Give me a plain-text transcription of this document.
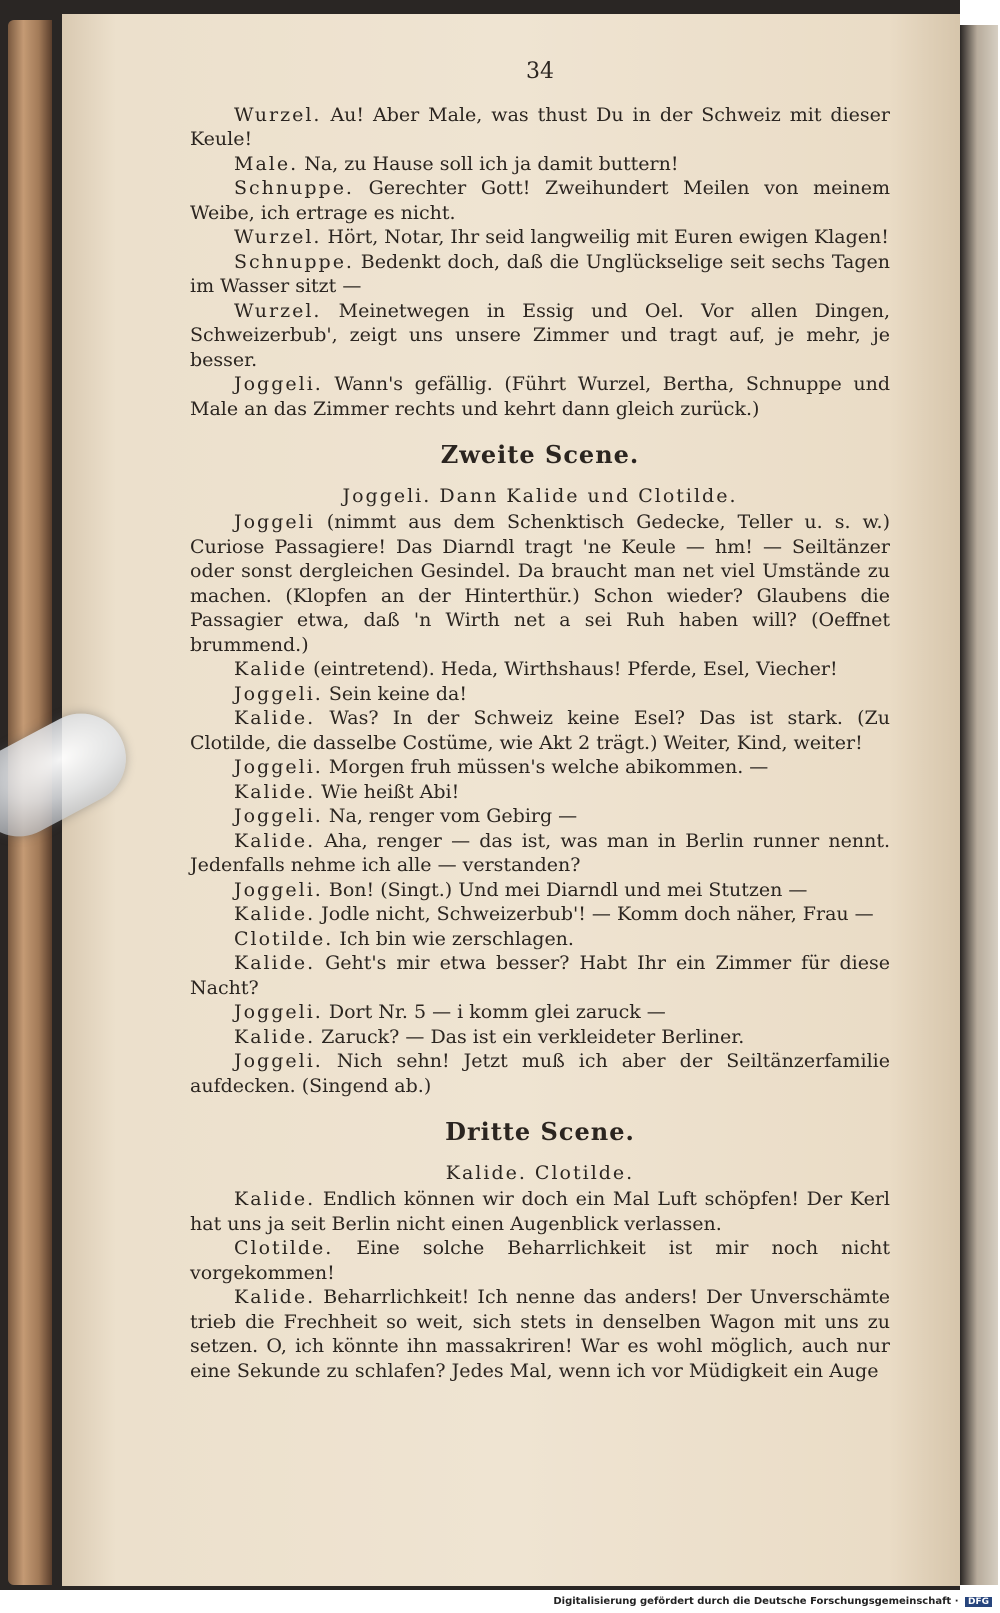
34

Wurzel. Au! Aber Male, was thust Du in der Schweiz mit dieser Keule!

Male. Na, zu Hause soll ich ja damit buttern!

Schnuppe. Gerechter Gott! Zweihundert Meilen von meinem Weibe, ich ertrage es nicht.

Wurzel. Hört, Notar, Ihr seid langweilig mit Euren ewigen Klagen!

Schnuppe. Bedenkt doch, daß die Unglückselige seit sechs Tagen im Wasser sitzt —

Wurzel. Meinetwegen in Essig und Oel. Vor allen Dingen, Schweizerbub', zeigt uns unsere Zimmer und tragt auf, je mehr, je besser.

Joggeli. Wann's gefällig. (Führt Wurzel, Bertha, Schnuppe und Male an das Zimmer rechts und kehrt dann gleich zurück.)

Zweite Scene.
Joggeli. Dann Kalide und Clotilde.

Joggeli (nimmt aus dem Schenktisch Gedecke, Teller u. s. w.) Curiose Passagiere! Das Diarndl tragt 'ne Keule — hm! — Seiltänzer oder sonst dergleichen Gesindel. Da braucht man net viel Umstände zu machen. (Klopfen an der Hinterthür.) Schon wieder? Glaubens die Passagier etwa, daß 'n Wirth net a sei Ruh haben will? (Oeffnet brummend.)

Kalide (eintretend). Heda, Wirthshaus! Pferde, Esel, Viecher!

Joggeli. Sein keine da!

Kalide. Was? In der Schweiz keine Esel? Das ist stark. (Zu Clotilde, die dasselbe Costüme, wie Akt 2 trägt.) Weiter, Kind, weiter!

Joggeli. Morgen fruh müssen's welche abikommen. —

Kalide. Wie heißt Abi!

Joggeli. Na, renger vom Gebirg —

Kalide. Aha, renger — das ist, was man in Berlin runner nennt. Jedenfalls nehme ich alle — verstanden?

Joggeli. Bon! (Singt.) Und mei Diarndl und mei Stutzen —

Kalide. Jodle nicht, Schweizerbub'! — Komm doch näher, Frau —

Clotilde. Ich bin wie zerschlagen.

Kalide. Geht's mir etwa besser? Habt Ihr ein Zimmer für diese Nacht?

Joggeli. Dort Nr. 5 — i komm glei zaruck —

Kalide. Zaruck? — Das ist ein verkleideter Berliner.

Joggeli. Nich sehn! Jetzt muß ich aber der Seiltänzerfamilie aufdecken. (Singend ab.)

Dritte Scene.
Kalide. Clotilde.

Kalide. Endlich können wir doch ein Mal Luft schöpfen! Der Kerl hat uns ja seit Berlin nicht einen Augenblick verlassen.

Clotilde. Eine solche Beharrlichkeit ist mir noch nicht vorgekommen!

Kalide. Beharrlichkeit! Ich nenne das anders! Der Unverschämte trieb die Frechheit so weit, sich stets in denselben Wagon mit uns zu setzen. O, ich könnte ihn massakriren! War es wohl möglich, auch nur eine Sekunde zu schlafen? Jedes Mal, wenn ich vor Müdigkeit ein Auge

Digitalisierung gefördert durch die Deutsche Forschungsgemeinschaft · DFG
